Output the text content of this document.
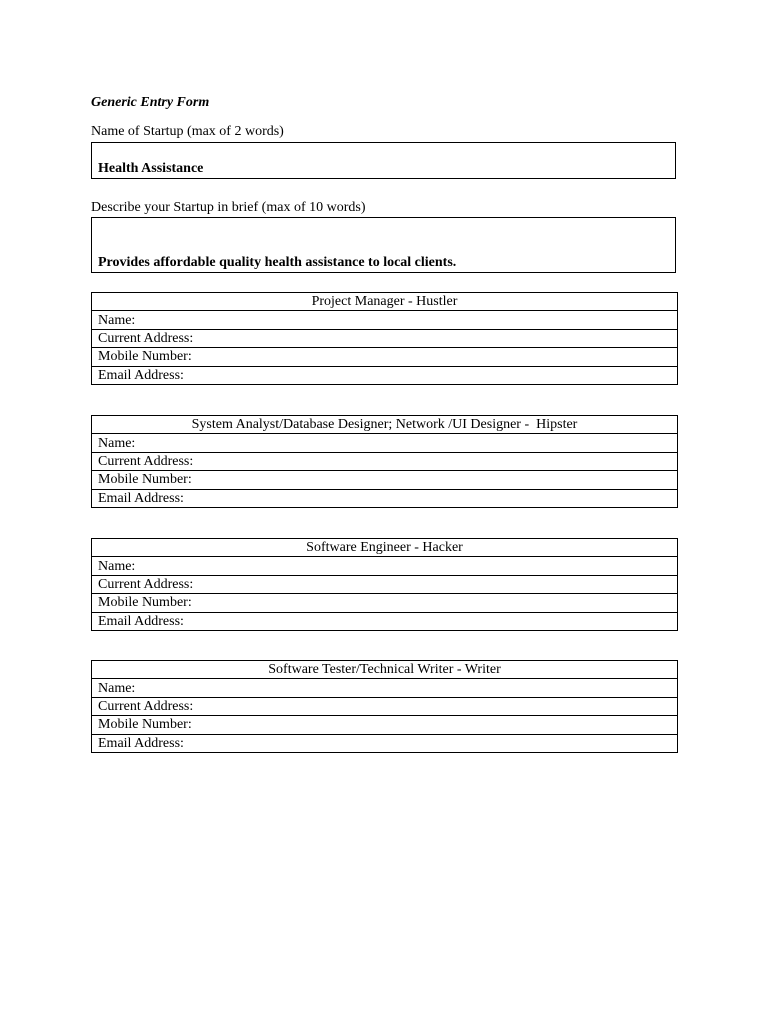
Generic Entry Form

Name of Startup (max of 2 words)

Health Assistance

Describe your Startup in brief (max of 10 words)

Provides affordable quality health assistance to local clients.
Project Manager - Hustler
Name:
Current Address:
Mobile Number:
Email Address:
System Analyst/Database Designer; Network /UI Designer -  Hipster
Name:
Current Address:
Mobile Number:
Email Address:
Software Engineer - Hacker
Name:
Current Address:
Mobile Number:
Email Address:
Software Tester/Technical Writer - Writer
Name:
Current Address:
Mobile Number:
Email Address:
